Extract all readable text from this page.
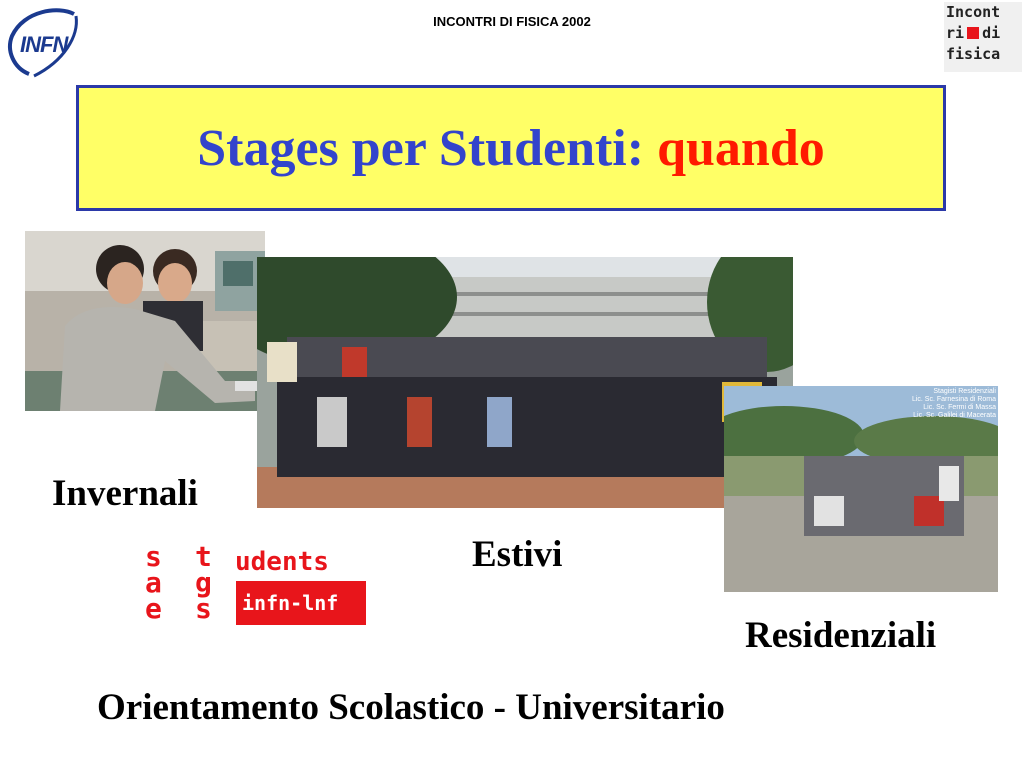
INFN
INCONTRI DI FISICA 2002
Incont
ri di
fisica
Stages per Studenti: quando
Stagisti Residenziali
Lic. Sc. Farnesina di Roma
Lic. Sc. Fermi di Massa
Lic. Sc. Galilei di Macerata
Invernali
Estivi
Residenziali
Orientamento Scolastico - Universitario
s
a
e
t
g
s
udents
infn-lnf
